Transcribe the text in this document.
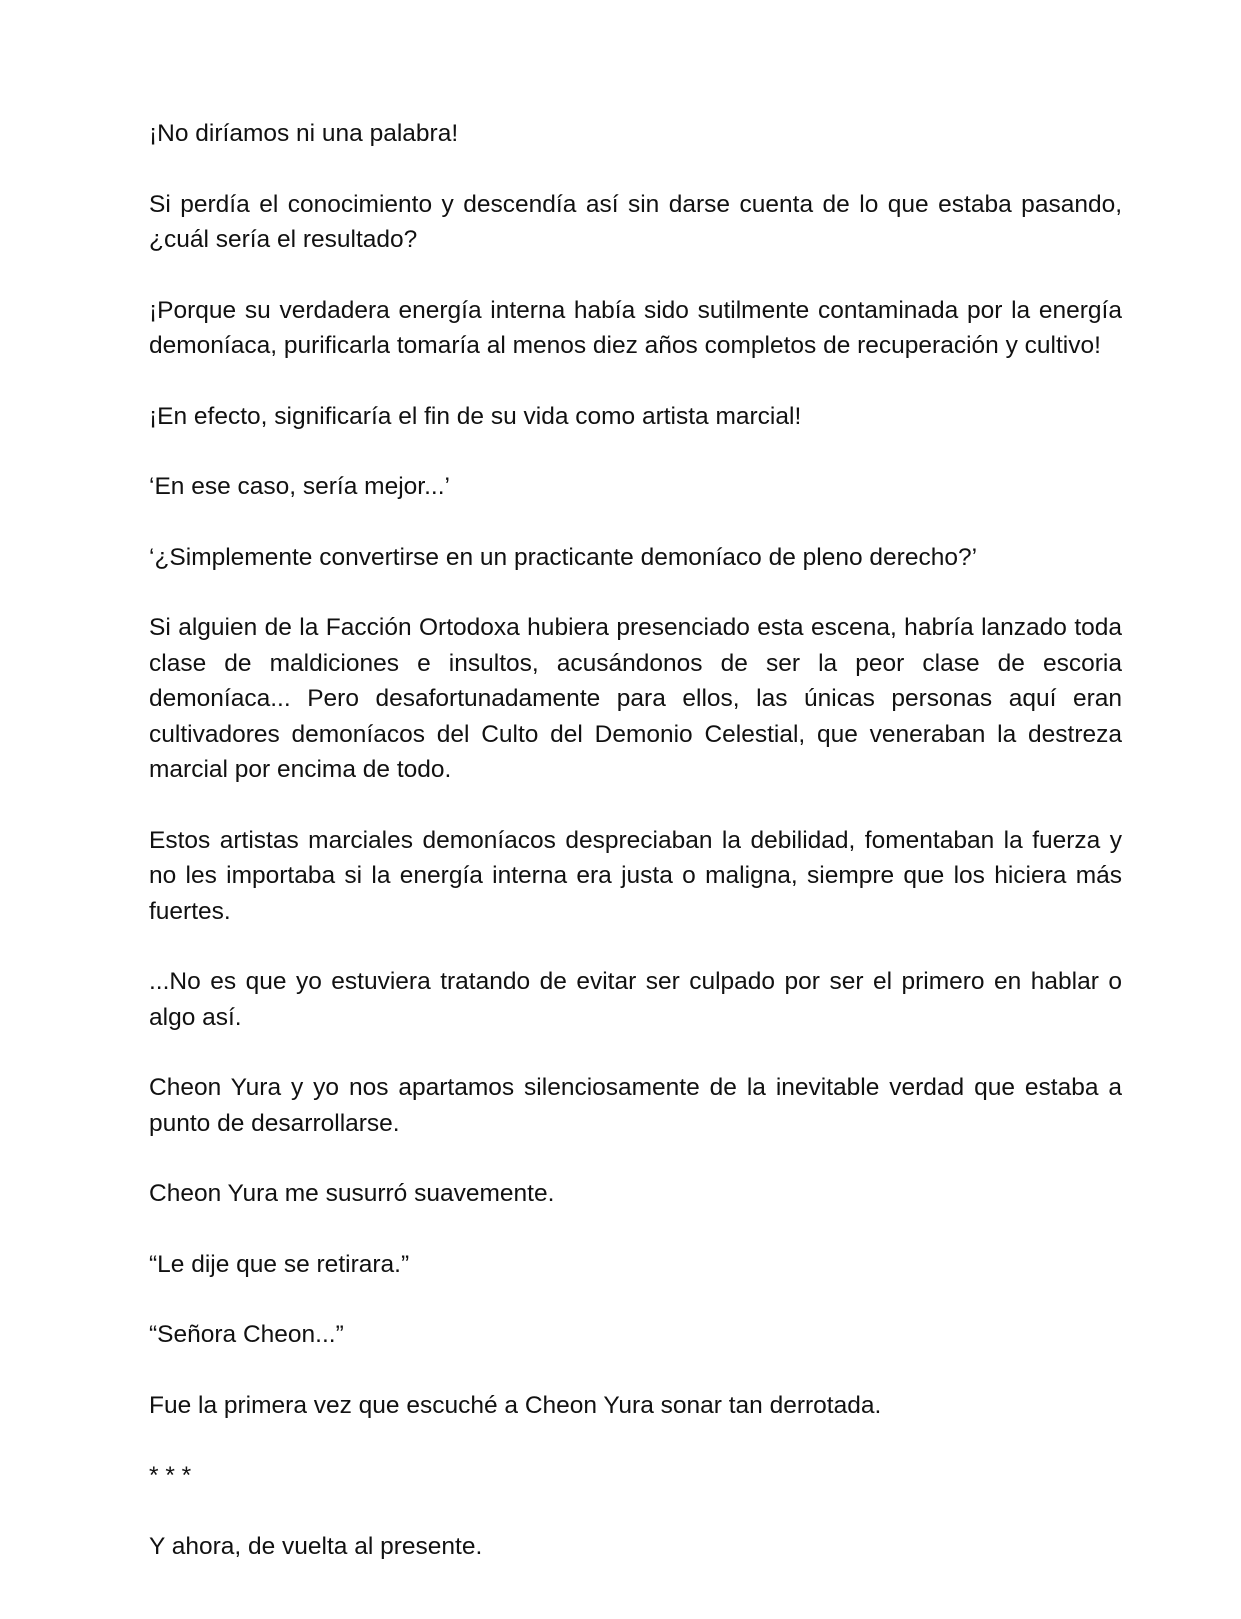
¡No diríamos ni una palabra!

Si perdía el conocimiento y descendía así sin darse cuenta de lo que estaba pasando, ¿cuál sería el resultado?

¡Porque su verdadera energía interna había sido sutilmente contaminada por la energía demoníaca, purificarla tomaría al menos diez años completos de recuperación y cultivo!

¡En efecto, significaría el fin de su vida como artista marcial!

‘En ese caso, sería mejor...’

‘¿Simplemente convertirse en un practicante demoníaco de pleno derecho?’

Si alguien de la Facción Ortodoxa hubiera presenciado esta escena, habría lanzado toda clase de maldiciones e insultos, acusándonos de ser la peor clase de escoria demoníaca... Pero desafortunadamente para ellos, las únicas personas aquí eran cultivadores demoníacos del Culto del Demonio Celestial, que veneraban la destreza marcial por encima de todo.

Estos artistas marciales demoníacos despreciaban la debilidad, fomentaban la fuerza y no les importaba si la energía interna era justa o maligna, siempre que los hiciera más fuertes.

...No es que yo estuviera tratando de evitar ser culpado por ser el primero en hablar o algo así.

Cheon Yura y yo nos apartamos silenciosamente de la inevitable verdad que estaba a punto de desarrollarse.

Cheon Yura me susurró suavemente.

“Le dije que se retirara.”

“Señora Cheon...”

Fue la primera vez que escuché a Cheon Yura sonar tan derrotada.

* * *

Y ahora, de vuelta al presente.
